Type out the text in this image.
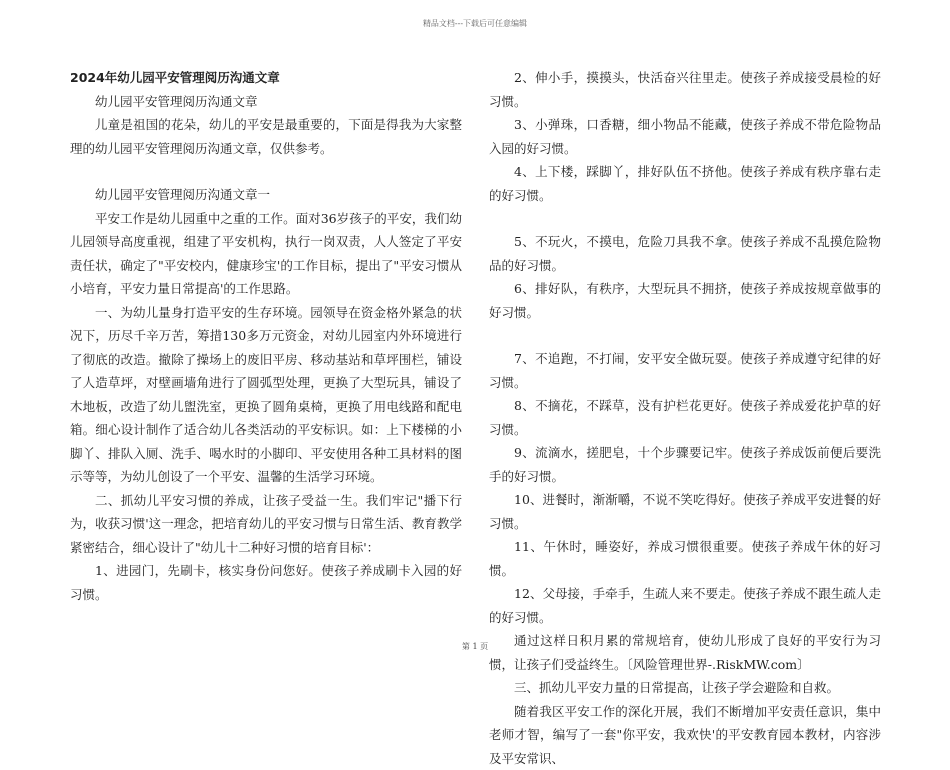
精品文档---下载后可任意编辑

2024年幼儿园平安管理阅历沟通文章

幼儿园平安管理阅历沟通文章

儿童是祖国的花朵，幼儿的平安是最重要的，下面是得我为大家整理的幼儿园平安管理阅历沟通文章，仅供参考。

幼儿园平安管理阅历沟通文章一

平安工作是幼儿园重中之重的工作。面对36岁孩子的平安，我们幼儿园领导高度重视，组建了平安机构，执行一岗双责，人人签定了平安责任状，确定了"平安校内，健康珍宝'的工作目标，提出了"平安习惯从小培育，平安力量日常提高'的工作思路。

一、为幼儿量身打造平安的生存环境。园领导在资金格外紧急的状况下，历尽千辛万苦，筹措130多万元资金，对幼儿园室内外环境进行了彻底的改造。撤除了操场上的废旧平房、移动基站和草坪围栏，铺设了人造草坪，对壁画墙角进行了圆弧型处理，更换了大型玩具，铺设了木地板，改造了幼儿盥洗室，更换了圆角桌椅，更换了用电线路和配电箱。细心设计制作了适合幼儿各类活动的平安标识。如：上下楼梯的小脚丫、排队入厕、洗手、喝水时的小脚印、平安使用各种工具材料的图示等等，为幼儿创设了一个平安、温馨的生活学习环境。

二、抓幼儿平安习惯的养成，让孩子受益一生。我们牢记"播下行为，收获习惯'这一理念，把培育幼儿的平安习惯与日常生活、教育教学紧密结合，细心设计了"幼儿十二种好习惯的培育目标'：

1、进园门，先刷卡，核实身份问您好。使孩子养成刷卡入园的好习惯。

2、伸小手，摸摸头，快活奋兴往里走。使孩子养成接受晨检的好习惯。

3、小弹珠，口香糖，细小物品不能藏，使孩子养成不带危险物品入园的好习惯。

4、上下楼，踩脚丫，排好队伍不挤他。使孩子养成有秩序靠右走的好习惯。

5、不玩火，不摸电，危险刀具我不拿。使孩子养成不乱摸危险物品的好习惯。

6、排好队，有秩序，大型玩具不拥挤，使孩子养成按规章做事的好习惯。

7、不追跑，不打闹，安平安全做玩耍。使孩子养成遵守纪律的好习惯。

8、不摘花，不踩草，没有护栏花更好。使孩子养成爱花护草的好习惯。

9、流滴水，搓肥皂，十个步骤要记牢。使孩子养成饭前便后要洗手的好习惯。

10、进餐时，渐渐嚼，不说不笑吃得好。使孩子养成平安进餐的好习惯。

11、午休时，睡姿好，养成习惯很重要。使孩子养成午休的好习惯。

12、父母接，手牵手，生疏人来不要走。使孩子养成不跟生疏人走的好习惯。

通过这样日积月累的常规培育，使幼儿形成了良好的平安行为习惯，让孩子们受益终生。〔风险管理世界-.RiskMW.com〕

三、抓幼儿平安力量的日常提高，让孩子学会避险和自救。

随着我区平安工作的深化开展，我们不断增加平安责任意识，集中老师才智，编写了一套"你平安，我欢快'的平安教育园本教材，内容涉及平安常识、

第 1 页
